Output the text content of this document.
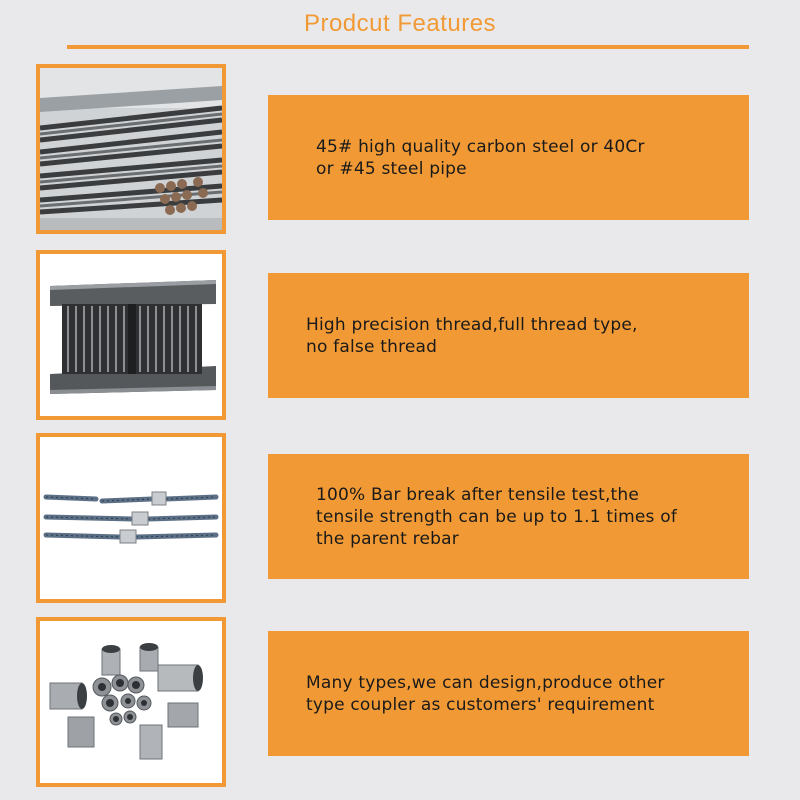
Prodcut Features
45# high quality carbon steel or 40Cr
or #45 steel pipe
High precision thread,full thread type,
no false thread
100% Bar break after tensile test,the
tensile strength can be up to 1.1 times of
the parent rebar
Many types,we can design,produce other
type coupler as customers' requirement
